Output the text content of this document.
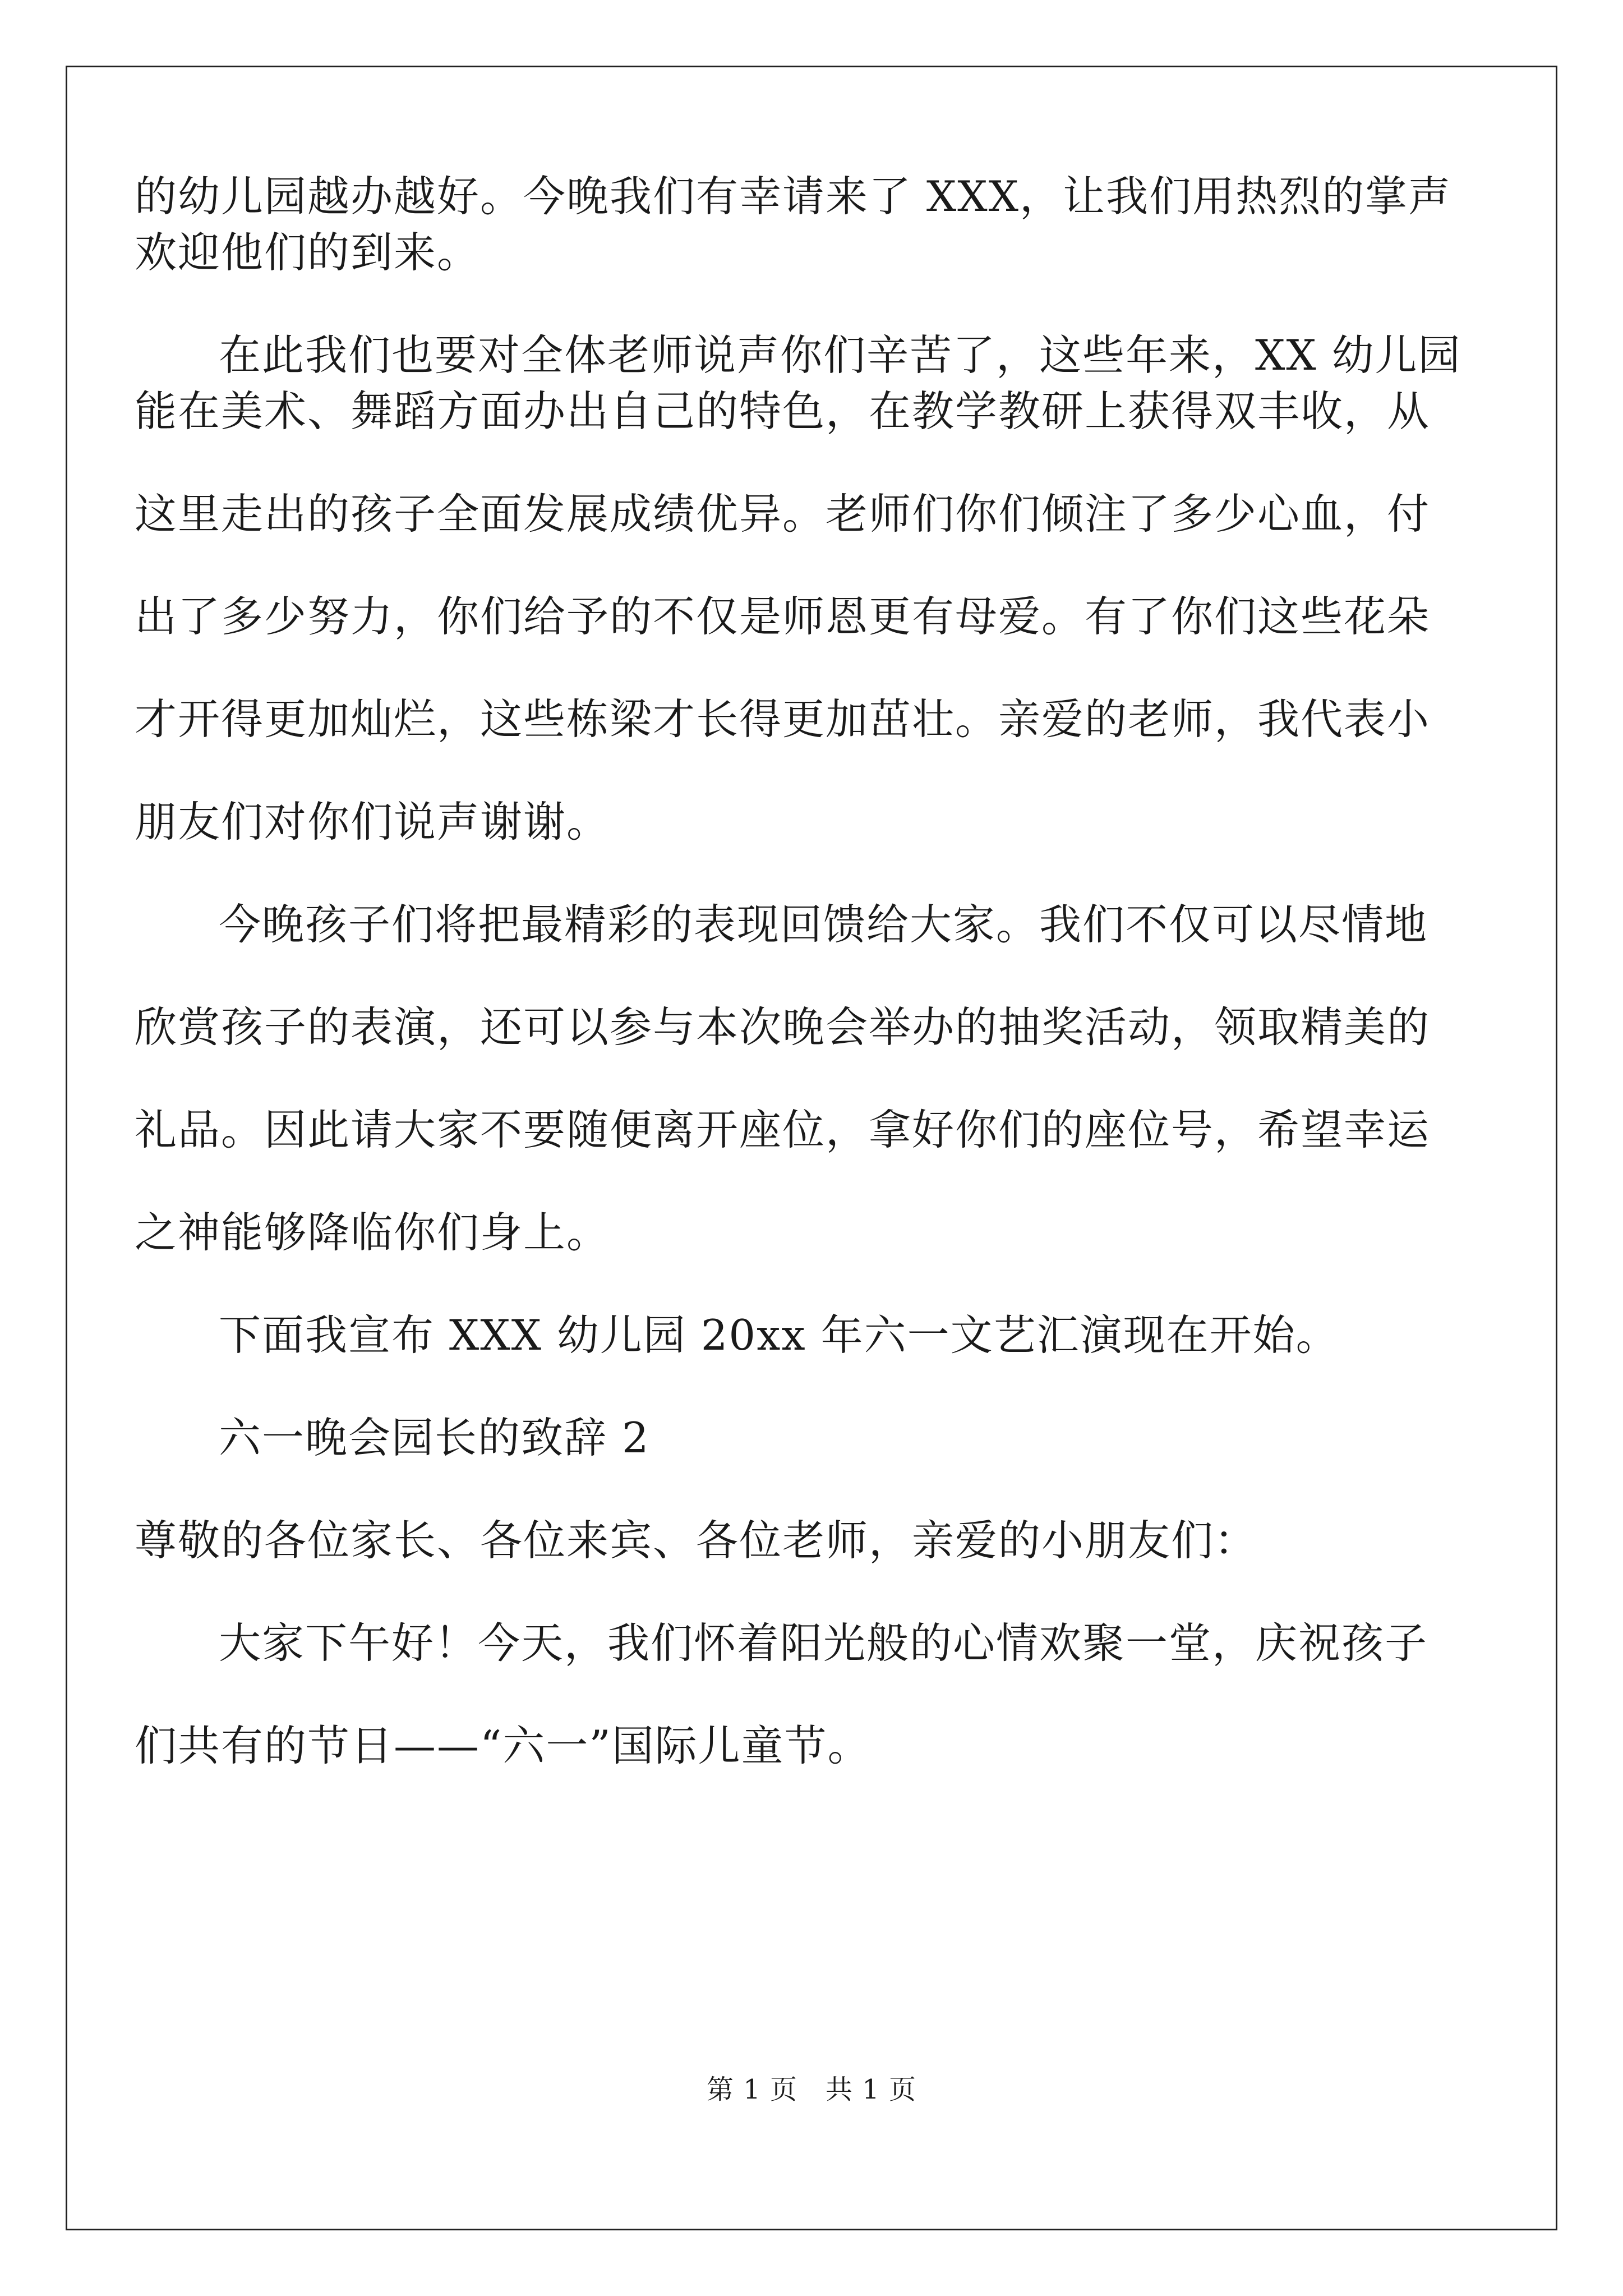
的幼儿园越办越好。今晚我们有幸请来了 XXX，让我们用热烈的掌声

欢迎他们的到来。

在此我们也要对全体老师说声你们辛苦了，这些年来，XX 幼儿园

能在美术、舞蹈方面办出自己的特色，在教学教研上获得双丰收，从

这里走出的孩子全面发展成绩优异。老师们你们倾注了多少心血，付

出了多少努力，你们给予的不仅是师恩更有母爱。有了你们这些花朵

才开得更加灿烂，这些栋梁才长得更加茁壮。亲爱的老师，我代表小

朋友们对你们说声谢谢。

今晚孩子们将把最精彩的表现回馈给大家。我们不仅可以尽情地

欣赏孩子的表演，还可以参与本次晚会举办的抽奖活动，领取精美的

礼品。因此请大家不要随便离开座位，拿好你们的座位号，希望幸运

之神能够降临你们身上。

下面我宣布 XXX 幼儿园 20xx 年六一文艺汇演现在开始。

六一晚会园长的致辞 2

尊敬的各位家长、各位来宾、各位老师，亲爱的小朋友们：

大家下午好！今天，我们怀着阳光般的心情欢聚一堂，庆祝孩子

们共有的节日——“六一”国际儿童节。

第 1 页 共 1 页
